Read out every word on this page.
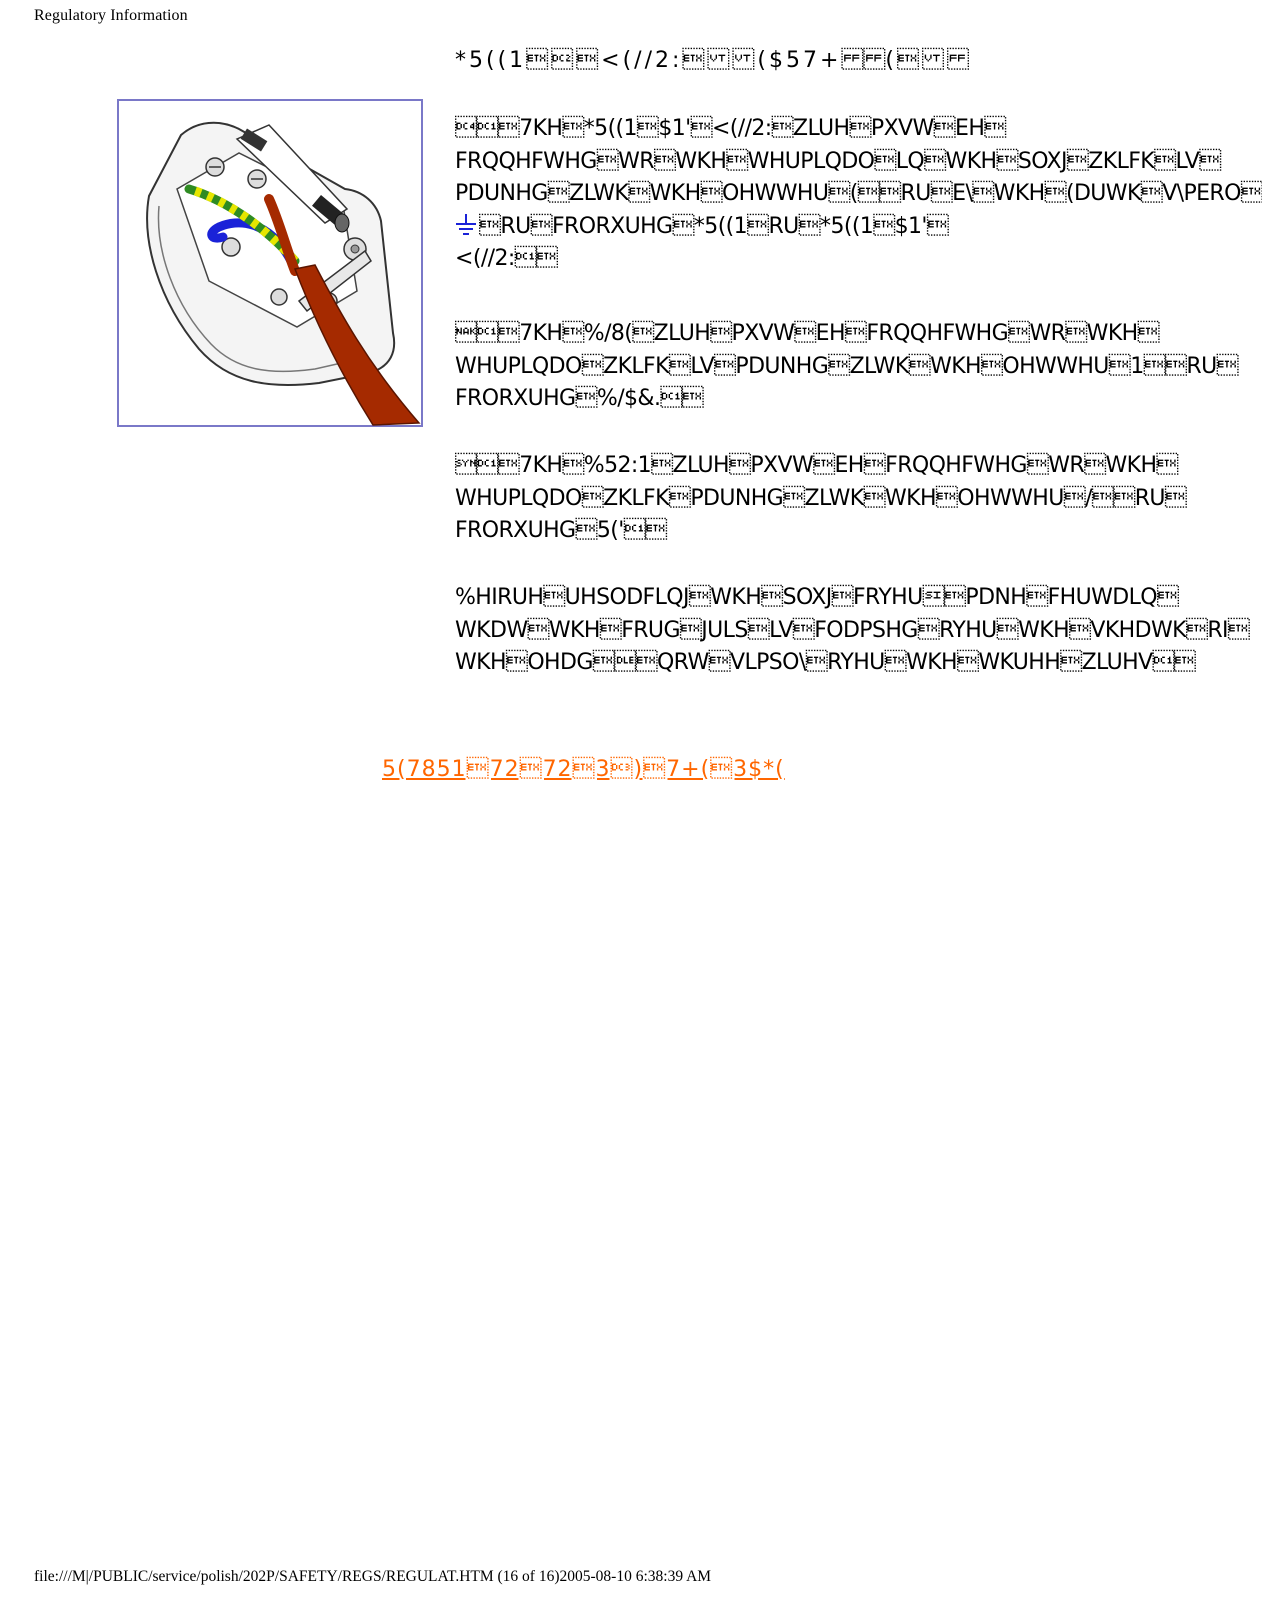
Regulatory Information
*5((1<(//2:($57+(
7KH*5((1$1'<(//2:ZLUHPXVWEH
FRQQHFWHGWRWKHWHUPLQDOLQWKHSOXJZKLFKLV
PDUNHGZLWKWKHOHWWHU(RUE\WKH(DUWKV\PERO
RUFRORXUHG*5((1RU*5((1$1'
<(//2:
7KH%/8(ZLUHPXVWEHFRQQHFWHGWRWKH
WHUPLQDOZKLFKLVPDUNHGZLWKWKHOHWWHU1RU
FRORXUHG%/$&.
7KH%52:1ZLUHPXVWEHFRQQHFWHGWRWKH
WHUPLQDOZKLFKPDUNHGZLWKWKHOHWWHU/RU
FRORXUHG5('
%HIRUHUHSODFLQJWKHSOXJFRYHUPDNHFHUWDLQ
WKDWWKHFRUGJULSLVFODPSHGRYHUWKHVKHDWKRI
WKHOHDGQRWVLPSO\RYHUWKHWKUHHZLUHV
5(785172723)7+(3$*(
file:///M|/PUBLIC/service/polish/202P/SAFETY/REGS/REGULAT.HTM (16 of 16)2005-08-10 6:38:39 AM
